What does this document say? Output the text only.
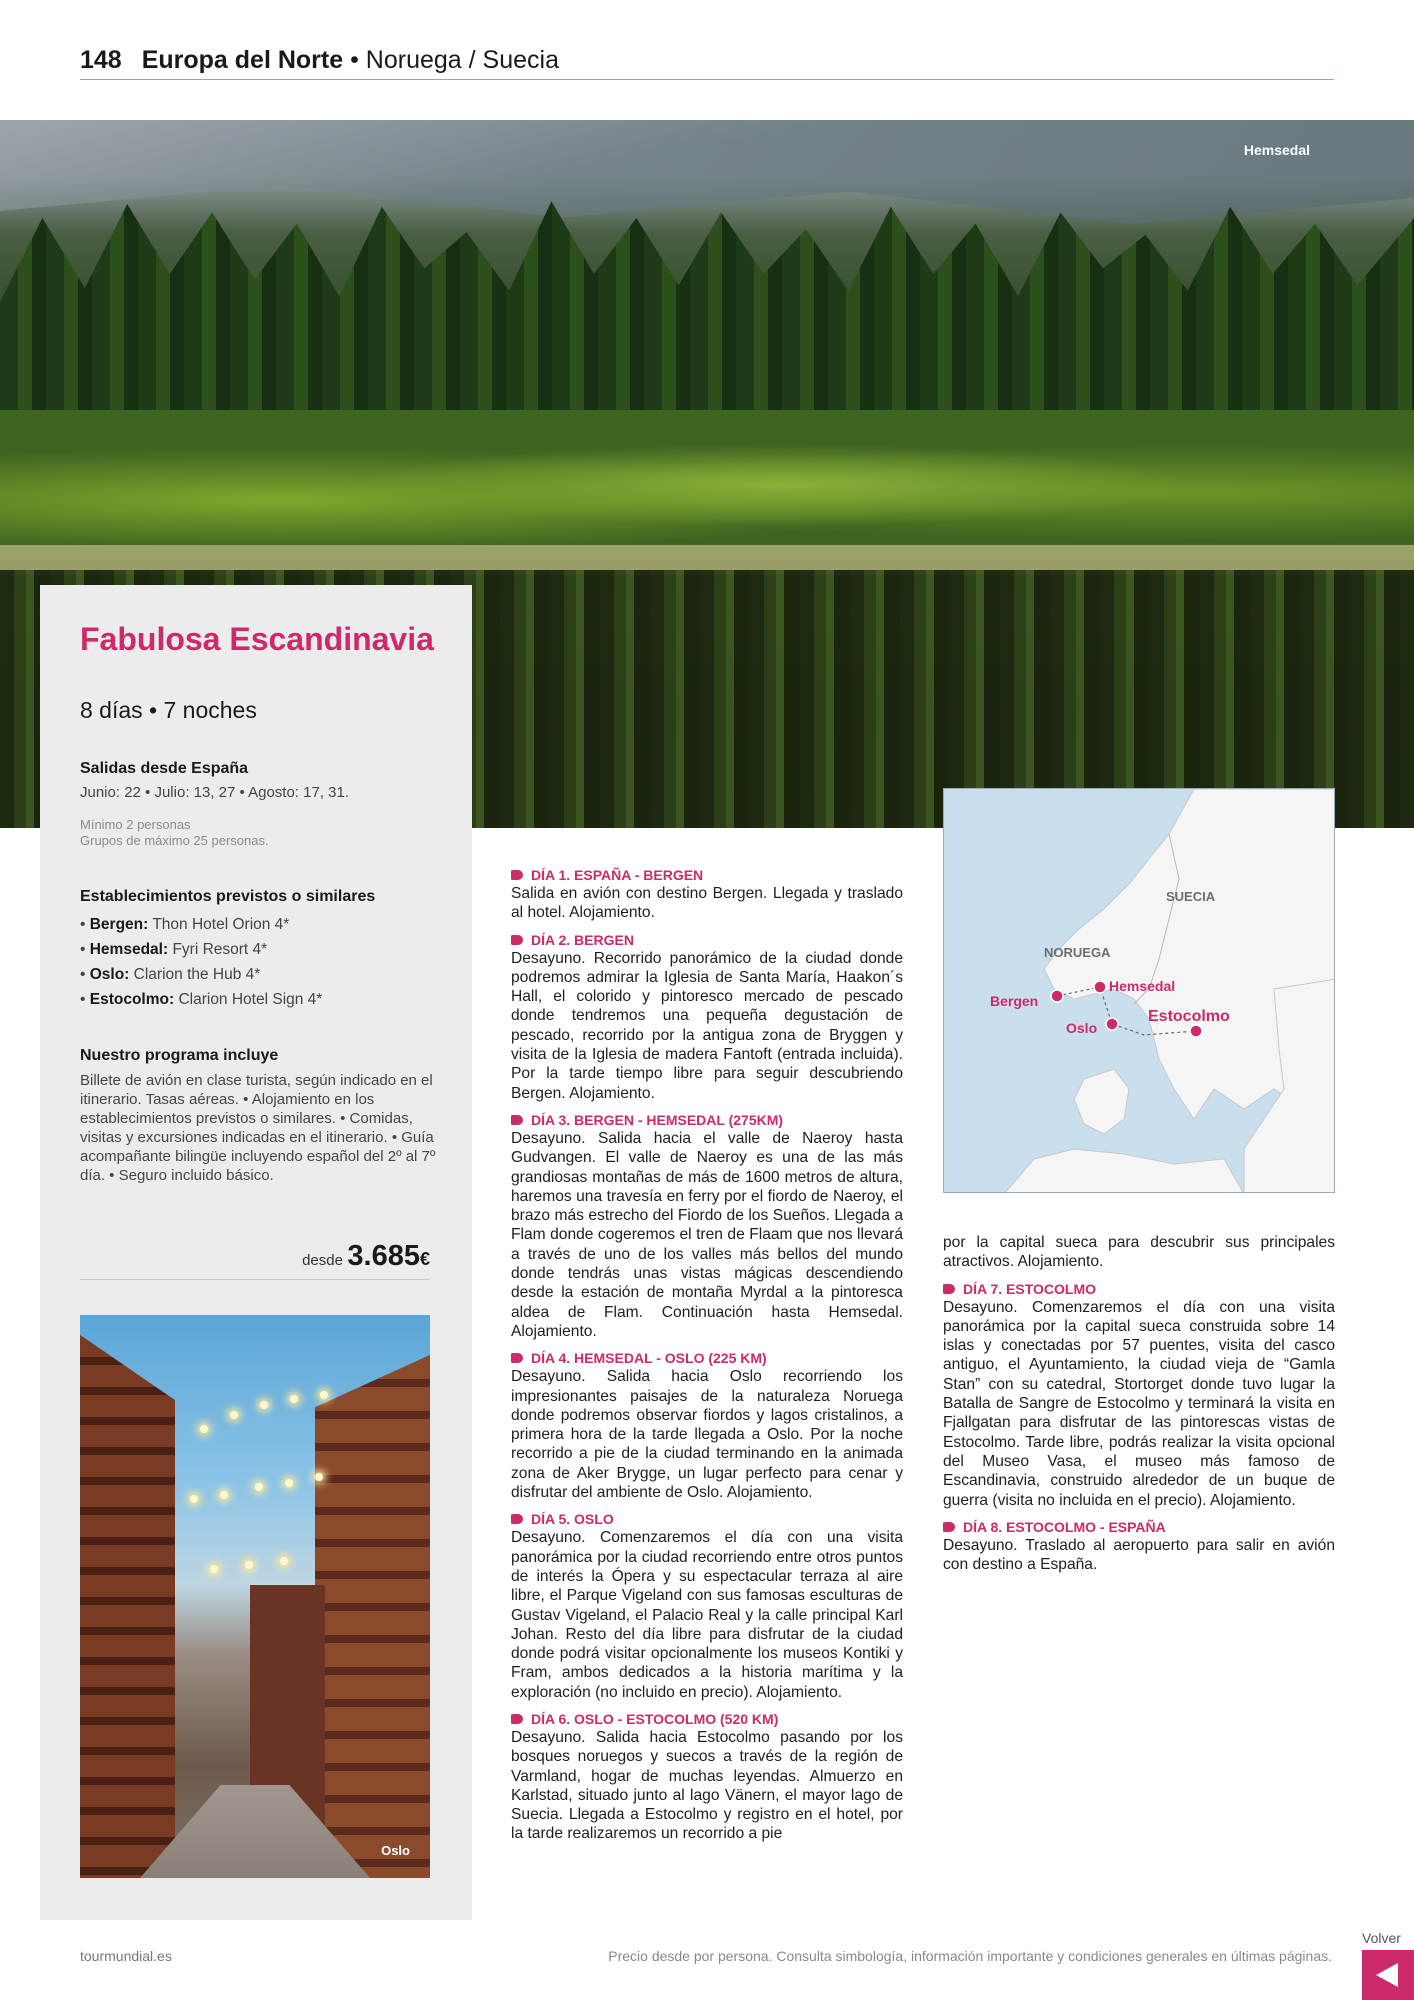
148 Europa del Norte • Noruega / Suecia
Hemsedal
Fabulosa Escandinavia
8 días • 7 noches
Salidas desde España
Junio: 22 • Julio: 13, 27 • Agosto: 17, 31.
Mínimo 2 personas
Grupos de máximo 25 personas.
Establecimientos previstos o similares
• Bergen: Thon Hotel Orion 4*
• Hemsedal: Fyri Resort 4*
• Oslo: Clarion the Hub 4*
• Estocolmo: Clarion Hotel Sign 4*
Nuestro programa incluye
Billete de avión en clase turista, según indicado en el itinerario. Tasas aéreas. • Alojamiento en los establecimientos previstos o similares. • Comidas, visitas y excursiones indicadas en el itinerario. • Guía acompañante bilingüe incluyendo español del 2º al 7º día. • Seguro incluido básico.
desde 3.685€
Oslo
DÍA 1. ESPAÑA - BERGEN

Salida en avión con destino Bergen. Llegada y traslado al hotel. Alojamiento.

DÍA 2. BERGEN

Desayuno. Recorrido panorámico de la ciudad donde podremos admirar la Iglesia de Santa María, Haakon´s Hall, el colorido y pintoresco mercado de pescado donde tendremos una pequeña degustación de pescado, recorrido por la antigua zona de Bryggen y visita de la Iglesia de madera Fantoft (entrada incluida). Por la tarde tiempo libre para seguir descubriendo Bergen. Alojamiento.

DÍA 3. BERGEN - HEMSEDAL (275KM)

Desayuno. Salida hacia el valle de Naeroy hasta Gudvangen. El valle de Naeroy es una de las más grandiosas montañas de más de 1600 metros de altura, haremos una travesía en ferry por el fiordo de Naeroy, el brazo más estrecho del Fiordo de los Sueños. Llegada a Flam donde cogeremos el tren de Flaam que nos llevará a través de uno de los valles más bellos del mundo donde tendrás unas vistas mágicas descendiendo desde la estación de montaña Myrdal a la pintoresca aldea de Flam. Continuación hasta Hemsedal. Alojamiento.

DÍA 4. HEMSEDAL - OSLO (225 KM)

Desayuno. Salida hacia Oslo recorriendo los impresionantes paisajes de la naturaleza Noruega donde podremos observar fiordos y lagos cristalinos, a primera hora de la tarde llegada a Oslo. Por la noche recorrido a pie de la ciudad terminando en la animada zona de Aker Brygge, un lugar perfecto para cenar y disfrutar del ambiente de Oslo. Alojamiento.

DÍA 5. OSLO

Desayuno. Comenzaremos el día con una visita panorámica por la ciudad recorriendo entre otros puntos de interés la Ópera y su espectacular terraza al aire libre, el Parque Vigeland con sus famosas esculturas de Gustav Vigeland, el Palacio Real y la calle principal Karl Johan. Resto del día libre para disfrutar de la ciudad donde podrá visitar opcionalmente los museos Kontiki y Fram, ambos dedicados a la historia marítima y la exploración (no incluido en precio). Alojamiento.

DÍA 6. OSLO - ESTOCOLMO (520 KM)

Desayuno. Salida hacia Estocolmo pasando por los bosques noruegos y suecos a través de la región de Varmland, hogar de muchas leyendas. Almuerzo en Karlstad, situado junto al lago Vänern, el mayor lago de Suecia. Llegada a Estocolmo y registro en el hotel, por la tarde realizaremos un recorrido a pie

SUECIA
NORUEGA
Bergen
Hemsedal
Oslo
Estocolmo

por la capital sueca para descubrir sus principales atractivos. Alojamiento.

DÍA 7. ESTOCOLMO

Desayuno. Comenzaremos el día con una visita panorámica por la capital sueca construida sobre 14 islas y conectadas por 57 puentes, visita del casco antiguo, el Ayuntamiento, la ciudad vieja de “Gamla Stan” con su catedral, Stortorget donde tuvo lugar la Batalla de Sangre de Estocolmo y terminará la visita en Fjallgatan para disfrutar de las pintorescas vistas de Estocolmo. Tarde libre, podrás realizar la visita opcional del Museo Vasa, el museo más famoso de Escandinavia, construido alrededor de un buque de guerra (visita no incluida en el precio). Alojamiento.

DÍA 8. ESTOCOLMO - ESPAÑA

Desayuno. Traslado al aeropuerto para salir en avión con destino a España.

tourmundial.es	Precio desde por persona. Consulta simbología, información importante y condiciones generales en últimas páginas.
Volver
